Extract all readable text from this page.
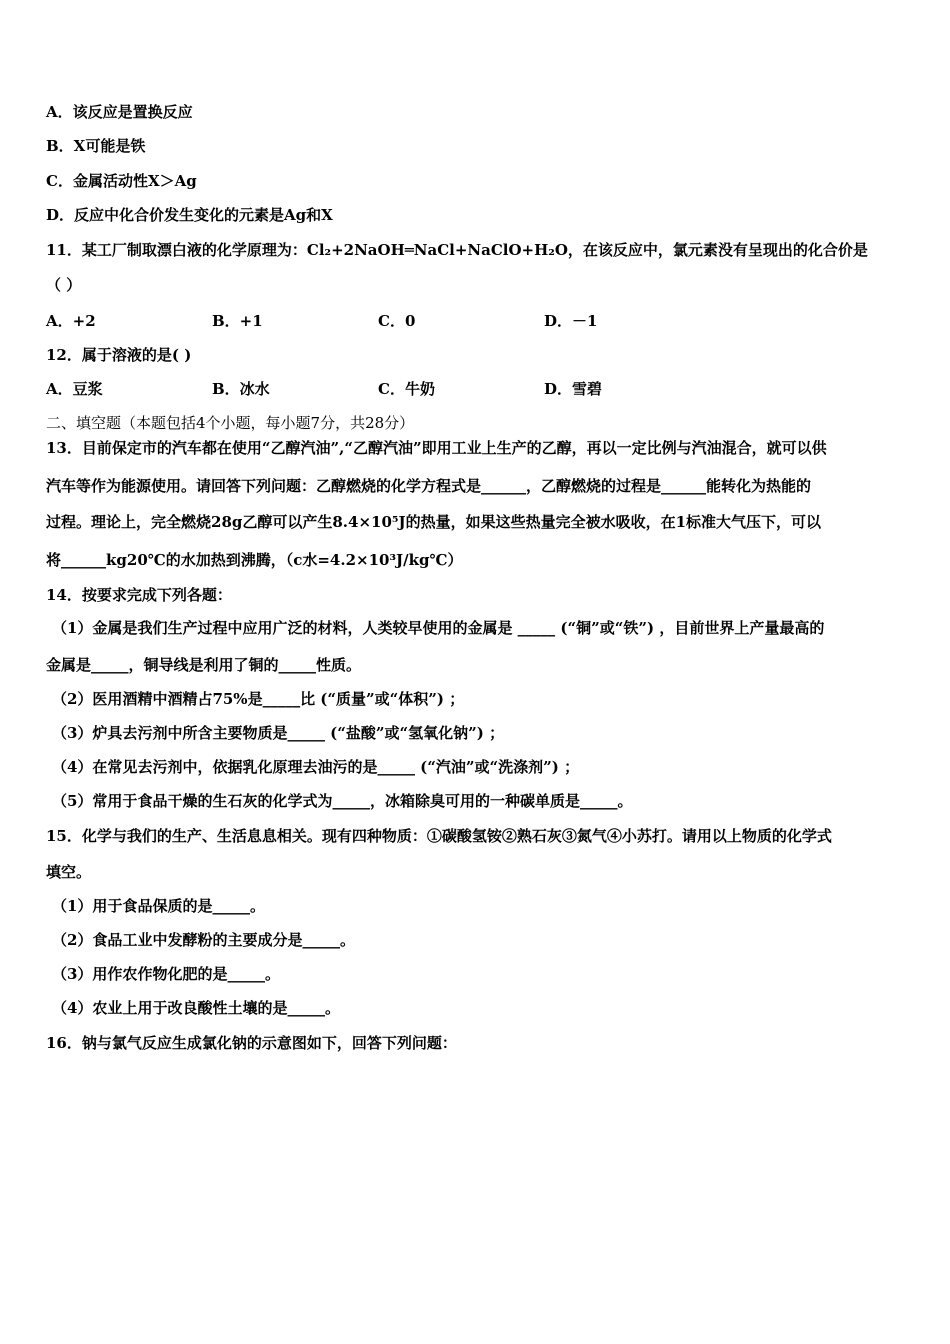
A．该反应是置换反应
B．X可能是铁
C．金属活动性X＞Ag
D．反应中化合价发生变化的元素是Ag和X
11．某工厂制取漂白液的化学原理为：Cl₂+2NaOH═NaCl+NaClO+H₂O，在该反应中，氯元素没有呈现出的化合价是
（ ）
A．+2	B．+1	C．0	D．－1
12．属于溶液的是( )
A．豆浆	B．冰水	C．牛奶	D．雪碧
二、填空题（本题包括4个小题，每小题7分，共28分）
13．目前保定市的汽车都在使用“乙醇汽油”,“乙醇汽油”即用工业上生产的乙醇，再以一定比例与汽油混合，就可以供
汽车等作为能源使用。请回答下列问题：乙醇燃烧的化学方程式是______，乙醇燃烧的过程是______能转化为热能的
过程。理论上，完全燃烧28g乙醇可以产生8.4×10⁵J的热量，如果这些热量完全被水吸收，在1标准大气压下，可以
将______kg20℃的水加热到沸腾，（c水=4.2×10³J/kg℃）
14．按要求完成下列各题：
（1）金属是我们生产过程中应用广泛的材料，人类较早使用的金属是 _____ (“铜”或“铁”) ，目前世界上产量最高的
金属是_____，铜导线是利用了铜的_____性质。
（2）医用酒精中酒精占75%是_____比 (“质量”或“体积”) ；
（3）炉具去污剂中所含主要物质是_____ (“盐酸”或“氢氧化钠”) ；
（4）在常见去污剂中，依据乳化原理去油污的是_____ (“汽油”或“洗涤剂”) ；
（5）常用于食品干燥的生石灰的化学式为_____，冰箱除臭可用的一种碳单质是_____。
15．化学与我们的生产、生活息息相关。现有四种物质：①碳酸氢铵②熟石灰③氮气④小苏打。请用以上物质的化学式
填空。
（1）用于食品保质的是_____。
（2）食品工业中发酵粉的主要成分是_____。
（3）用作农作物化肥的是_____。
（4）农业上用于改良酸性土壤的是_____。
16．钠与氯气反应生成氯化钠的示意图如下，回答下列问题：
